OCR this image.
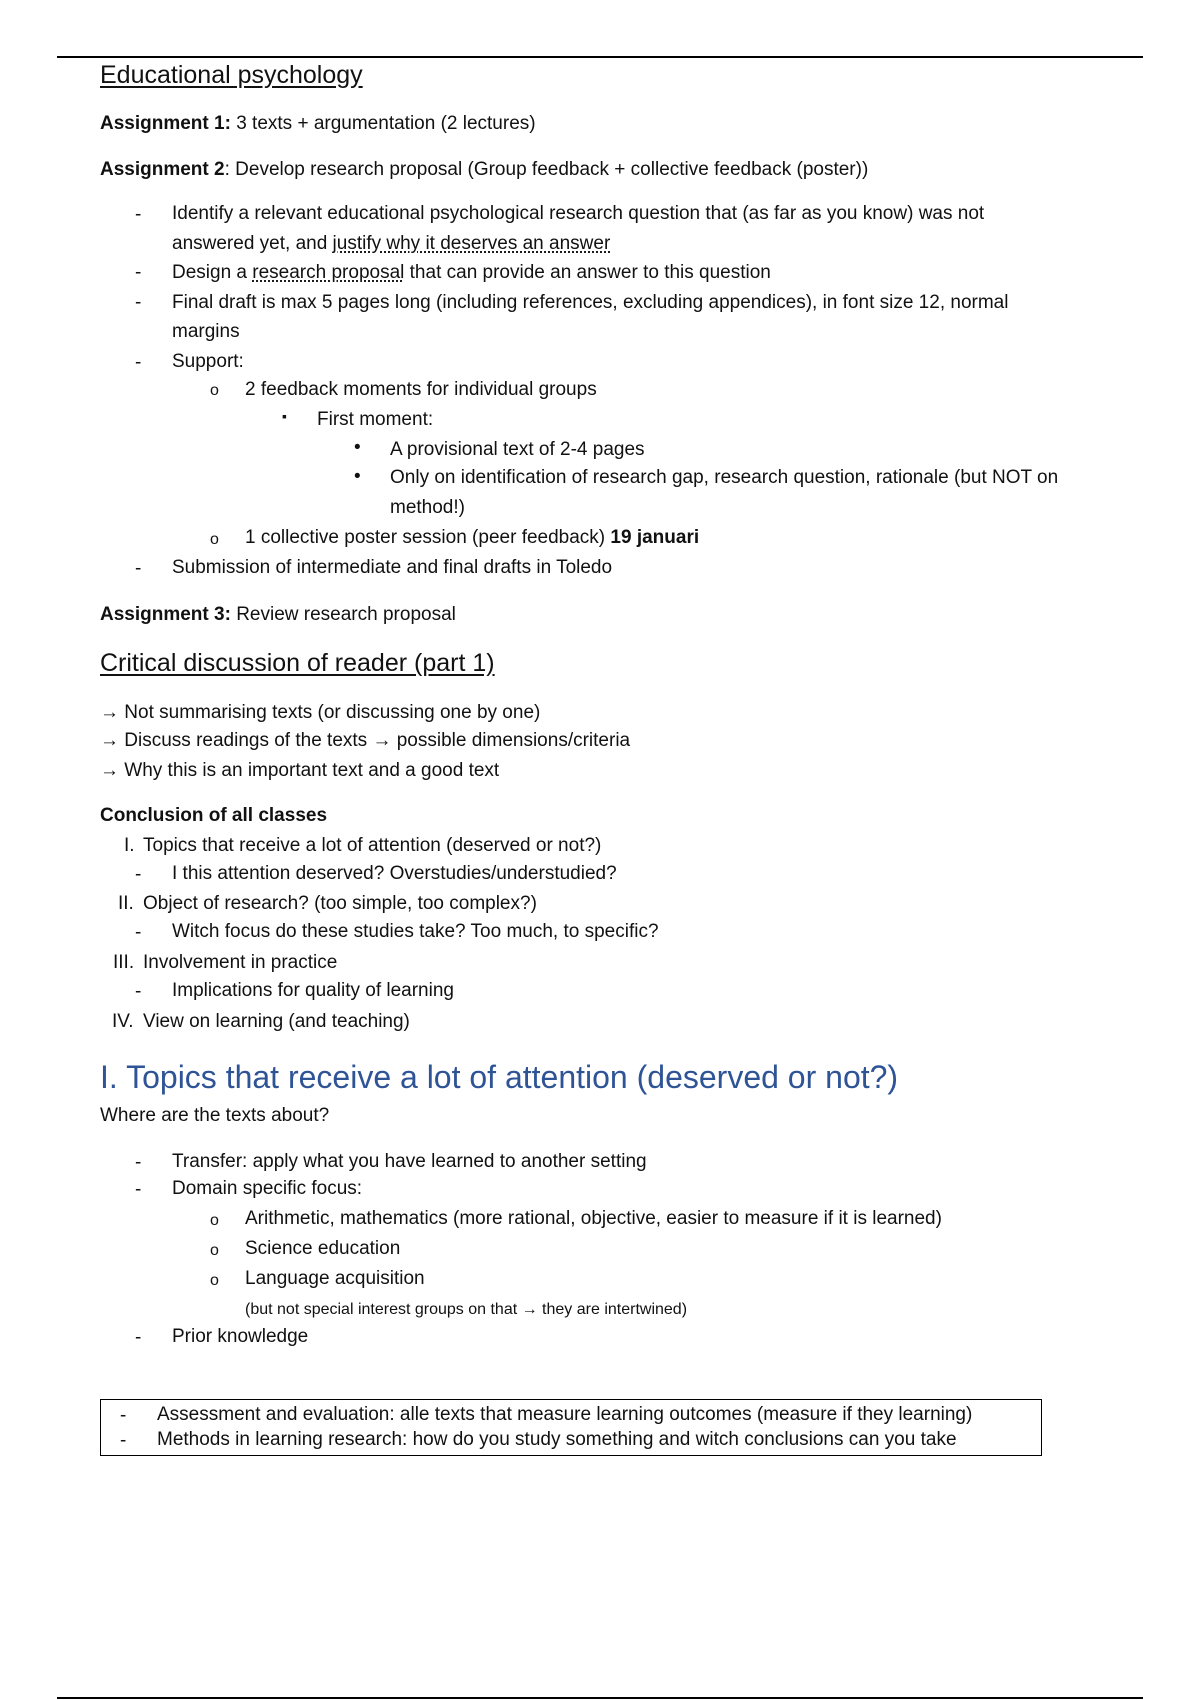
Educational psychology
Assignment 1: 3 texts + argumentation (2 lectures)
Assignment 2: Develop research proposal (Group feedback + collective feedback (poster))
- Identify a relevant educational psychological research question that (as far as you know) was not
answered yet, and justify why it deserves an answer
- Design a research proposal that can provide an answer to this question
- Final draft is max 5 pages long (including references, excluding appendices), in font size 12, normal
margins
- Support:
o 2 feedback moments for individual groups
▪ First moment:
• A provisional text of 2-4 pages
• Only on identification of research gap, research question, rationale (but NOT on
method!)
o 1 collective poster session (peer feedback) 19 januari
- Submission of intermediate and final drafts in Toledo
Assignment 3: Review research proposal
Critical discussion of reader (part 1)
→ Not summarising texts (or discussing one by one)
→ Discuss readings of the texts → possible dimensions/criteria
→ Why this is an important text and a good text
Conclusion of all classes
I. Topics that receive a lot of attention (deserved or not?)
- I this attention deserved? Overstudies/understudied?
II. Object of research? (too simple, too complex?)
- Witch focus do these studies take? Too much, to specific?
III. Involvement in practice
- Implications for quality of learning
IV. View on learning (and teaching)
I. Topics that receive a lot of attention (deserved or not?)
Where are the texts about?
- Transfer: apply what you have learned to another setting
- Domain specific focus:
o Arithmetic, mathematics (more rational, objective, easier to measure if it is learned)
o Science education
o Language acquisition
(but not special interest groups on that → they are intertwined)
- Prior knowledge
- Assessment and evaluation: alle texts that measure learning outcomes (measure if they learning)
- Methods in learning research: how do you study something and witch conclusions can you take
